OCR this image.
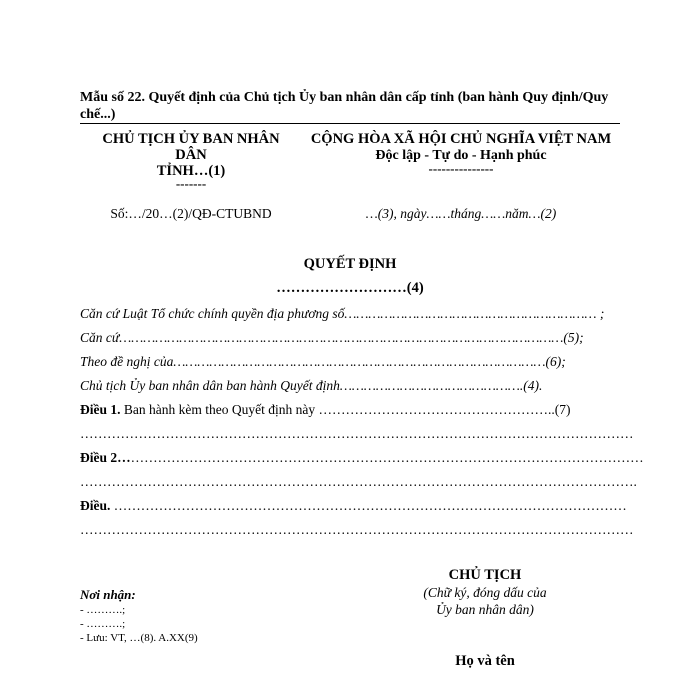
Mẫu số 22. Quyết định của Chủ tịch Ủy ban nhân dân cấp tỉnh (ban hành Quy định/Quy chế...)
CHỦ TỊCH ỦY BAN NHÂN
DÂN
TỈNH…(1)
-------
Số:…/20…(2)/QĐ-CTUBND
CỘNG HÒA XÃ HỘI CHỦ NGHĨA VIỆT NAM
Độc lập - Tự do - Hạnh phúc
---------------
…(3), ngày……tháng……năm…(2)
QUYẾT ĐỊNH
………………………(4)
Căn cứ Luật Tổ chức chính quyền địa phương số……………………………………………………… ;
Căn cứ…………………………………………………………………………………………………(5);
Theo đề nghị của…………………………………………………………………………………(6);
Chủ tịch Ủy ban nhân dân ban hành Quyết định……………………………………….(4).
Điều 1. Ban hành kèm theo Quyết định này ……………………………………………..(7)
……………………………………………………………………………………………………………
Điều 2………………………………………………………………………………………………………
…………………………………………………………………………………………………………….
Điều. ……………………………………………………………………………………………………
……………………………………………………………………………………………………………
Nơi nhận:
- ……….;
- ……….;
- Lưu: VT, …(8). A.XX(9)
CHỦ TỊCH
(Chữ ký, đóng dấu của
Ủy ban nhân dân)
Họ và tên
